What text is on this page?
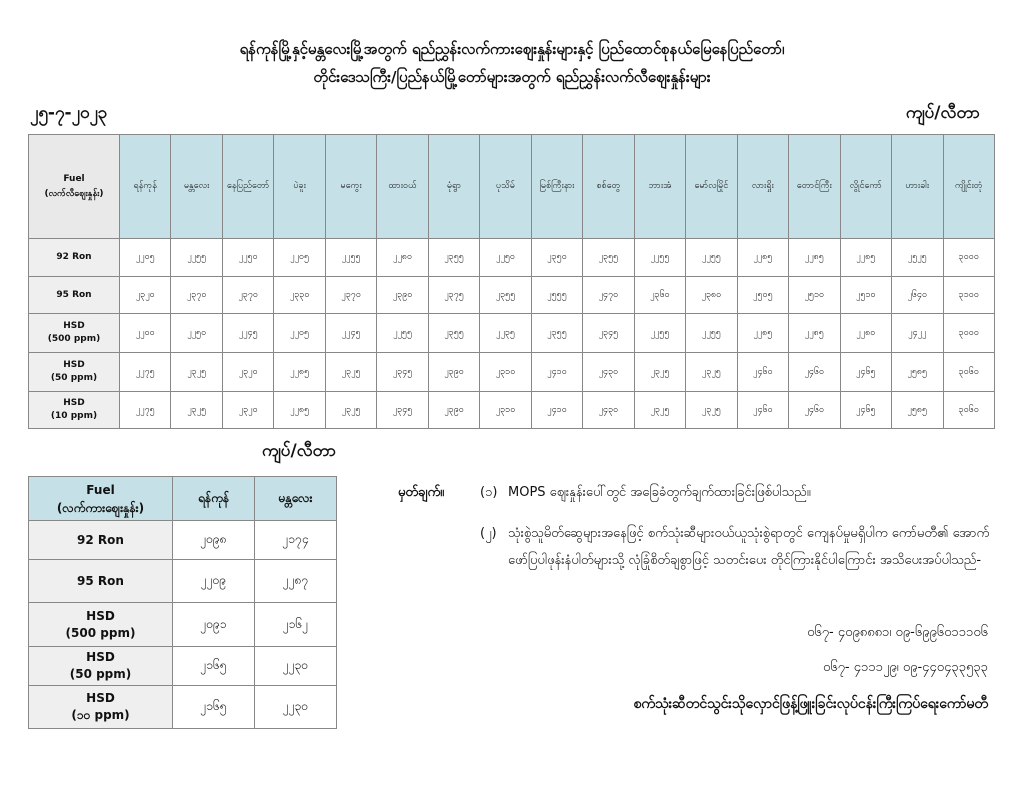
ရန်ကုန်မြို့နှင့်မန္တလေးမြို့အတွက် ရည်ညွှန်းလက်ကားဈေးနှုန်းများနှင့် ပြည်ထောင်စုနယ်မြေနေပြည်တော်၊
တိုင်းဒေသကြီး/ပြည်နယ်မြို့တော်များအတွက် ရည်ညွှန်းလက်လီဈေးနှုန်းများ
၂၅-၇-၂၀၂၃	ကျပ်/လီတာ
Fuel
(လက်လီဈေးနှုန်း)	ရန်ကုန်	မန္တလေး	နေပြည်တော်	ပဲခူး	မကွေး	ထားဝယ်	မုံရွာ	ပုသိမ်	မြစ်ကြီးနား	စစ်တွေ	ဘားအံ	မော်လမြိုင်	လားရှိုး	တောင်ကြီး	လွိုင်ကော်	ဟားခါး	ကျိုင်းတုံ

92 Ron	၂၂၀၅	၂၂၅၅	၂၂၅၀	၂၂၀၅	၂၂၅၅	၂၂၈၀	၂၃၅၅	၂၂၅၀	၂၃၅၀	၂၃၅၅	၂၂၅၅	၂၂၅၅	၂၂၈၅	၂၂၈၅	၂၂၈၅	၂၅၂၅	၃၀၀၀

95 Ron	၂၃၂၀	၂၃၇၀	၂၃၇၀	၂၃၃၀	၂၃၇၀	၂၃၉၀	၂၃၇၅	၂၃၅၅	၂၅၅၅	၂၄၇၀	၂၃၆၀	၂၃၈၀	၂၅၀၅	၂၅၁၀	၂၅၁၀	၂၆၄၀	၃၁၀၀

HSD
(500 ppm)	၂၂၀၀	၂၂၅၀	၂၂၄၅	၂၂၀၅	၂၂၄၅	၂၂၅၅	၂၃၅၅	၂၂၃၅	၂၃၅၅	၂၃၄၅	၂၂၅၅	၂၂၅၅	၂၂၈၅	၂၂၈၅	၂၂၈၀	၂၄၂၂	၃၀၀၀

HSD
(50 ppm)	၂၂၇၅	၂၃၂၅	၂၃၂၀	၂၂၈၅	၂၃၂၅	၂၃၄၅	၂၃၉၀	၂၃၁၀	၂၄၁၀	၂၄၃၀	၂၃၂၅	၂၃၂၅	၂၄၆၀	၂၄၆၀	၂၄၆၅	၂၅၈၅	၃၀၆၀

HSD
(10 ppm)	၂၂၇၅	၂၃၂၅	၂၃၂၀	၂၂၈၅	၂၃၂၅	၂၃၄၅	၂၃၉၀	၂၃၁၀	၂၄၁၀	၂၄၃၀	၂၃၂၅	၂၃၂၅	၂၄၆၀	၂၄၆၀	၂၄၆၅	၂၅၈၅	၃၀၆၀
ကျပ်/လီတာ
Fuel
(လက်ကားဈေးနှုန်း)	ရန်ကုန်	မန္တလေး

92 Ron	၂၀၉၈	၂၁၇၄

95 Ron	၂၂၀၉	၂၂၈၇

HSD
(500 ppm)	၂၀၉၁	၂၁၆၂

HSD
(50 ppm)	၂၁၆၅	၂၂၃၀

HSD
(၁၀ ppm)	၂၁၆၅	၂၂၃၀
မှတ်ချက်။	(၁) MOPS ဈေးနှုန်းပေါ်တွင် အခြေခံတွက်ချက်ထားခြင်းဖြစ်ပါသည်။
(၂) သုံးစွဲသူမိတ်ဆွေများအနေဖြင့် စက်သုံးဆီများဝယ်ယူသုံးစွဲရာတွင် ကျေနပ်မှုမရှိပါက ကော်မတီ၏ အောက်ဖော်ပြပါဖုန်းနံပါတ်များသို့ လုံခြုံစိတ်ချစွာဖြင့် သတင်းပေး တိုင်ကြားနိုင်ပါကြောင်း အသိပေးအပ်ပါသည်-
၀၆၇- ၄၀၉၈၈၈၁၊ ၀၉-၆၉၉၆၀၁၁၁၀၆
၀၆၇- ၄၁၁၁၂၉၊ ၀၉-၄၄၀၄၃၃၅၃၃
စက်သုံးဆီတင်သွင်းသိုလှောင်ဖြန့်ဖြူးခြင်းလုပ်ငန်းကြီးကြပ်ရေးကော်မတီ
